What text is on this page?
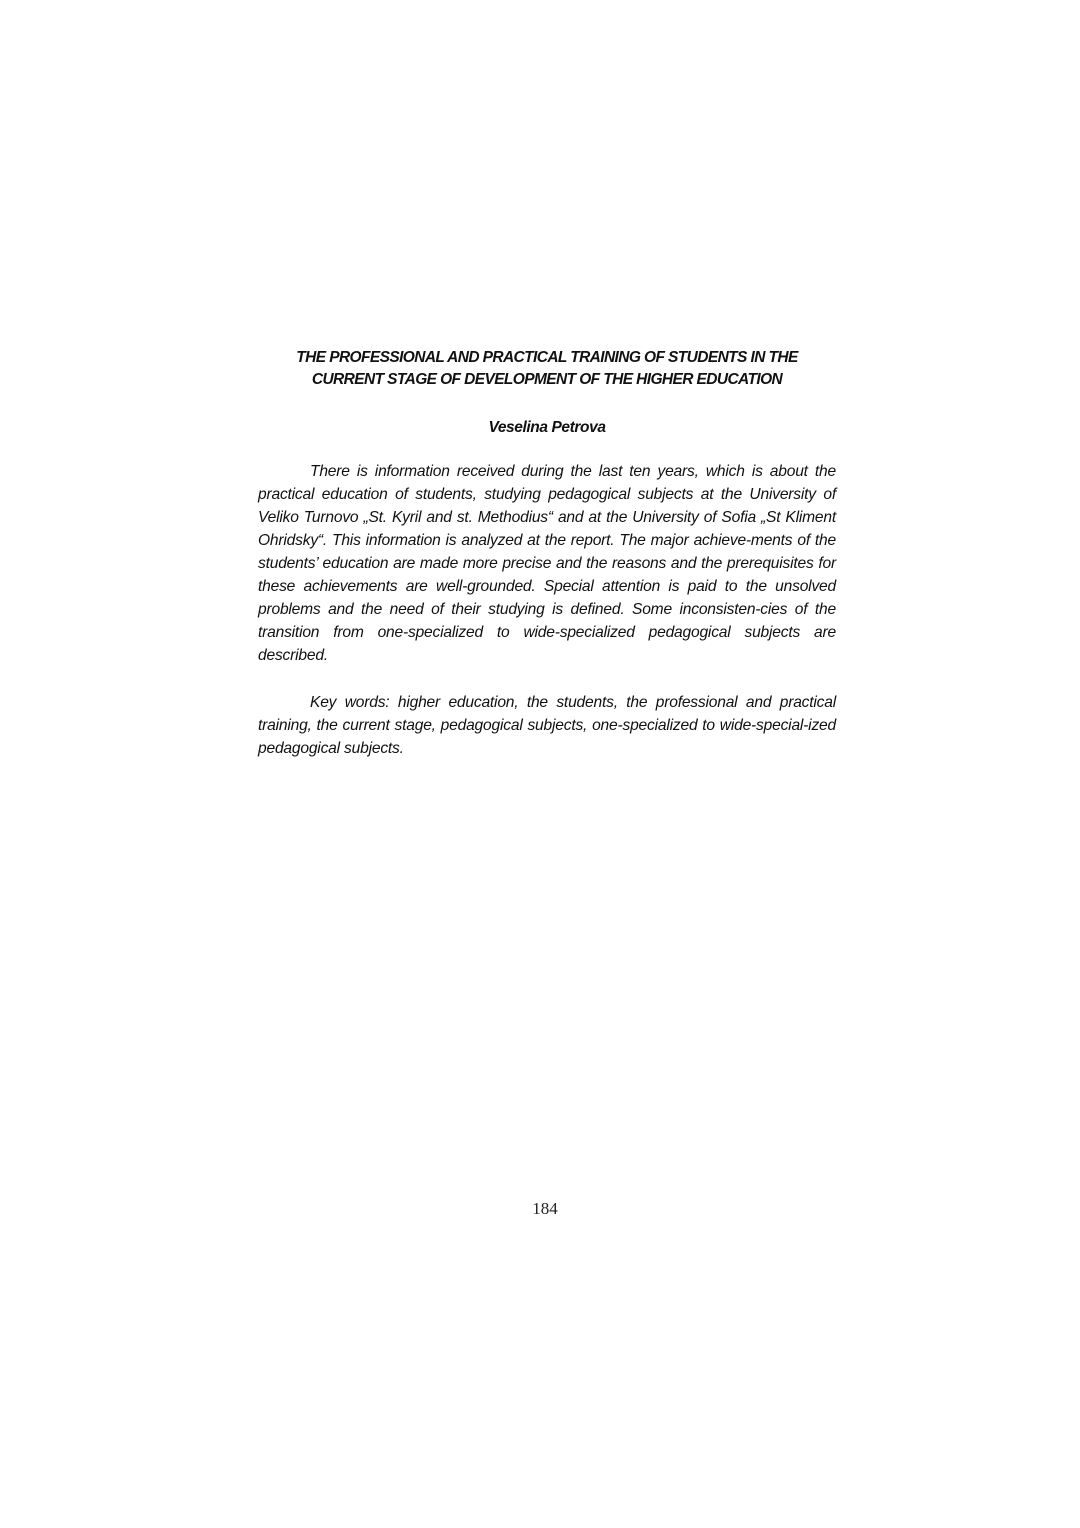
THE PROFESSIONAL AND PRACTICAL TRAINING OF STUDENTS IN THE
CURRENT STAGE OF DEVELOPMENT OF THE HIGHER EDUCATION

Veselina Petrova

There is information received during the last ten years, which is about the practical education of students, studying pedagogical subjects at the University of Veliko Turnovo „St. Kyril and st. Methodius“ and at the University of Sofia „St Kliment Ohridsky“. This information is analyzed at the report. The major achieve-ments of the students’ education are made more precise and the reasons and the prerequisites for these achievements are well-grounded. Special attention is paid to the unsolved problems and the need of their studying is defined. Some inconsisten-cies of the transition from one-specialized to wide-specialized pedagogical subjects are described.

Key words: higher education, the students, the professional and practical training, the current stage, pedagogical subjects, one-specialized to wide-special-ized pedagogical subjects.

184
